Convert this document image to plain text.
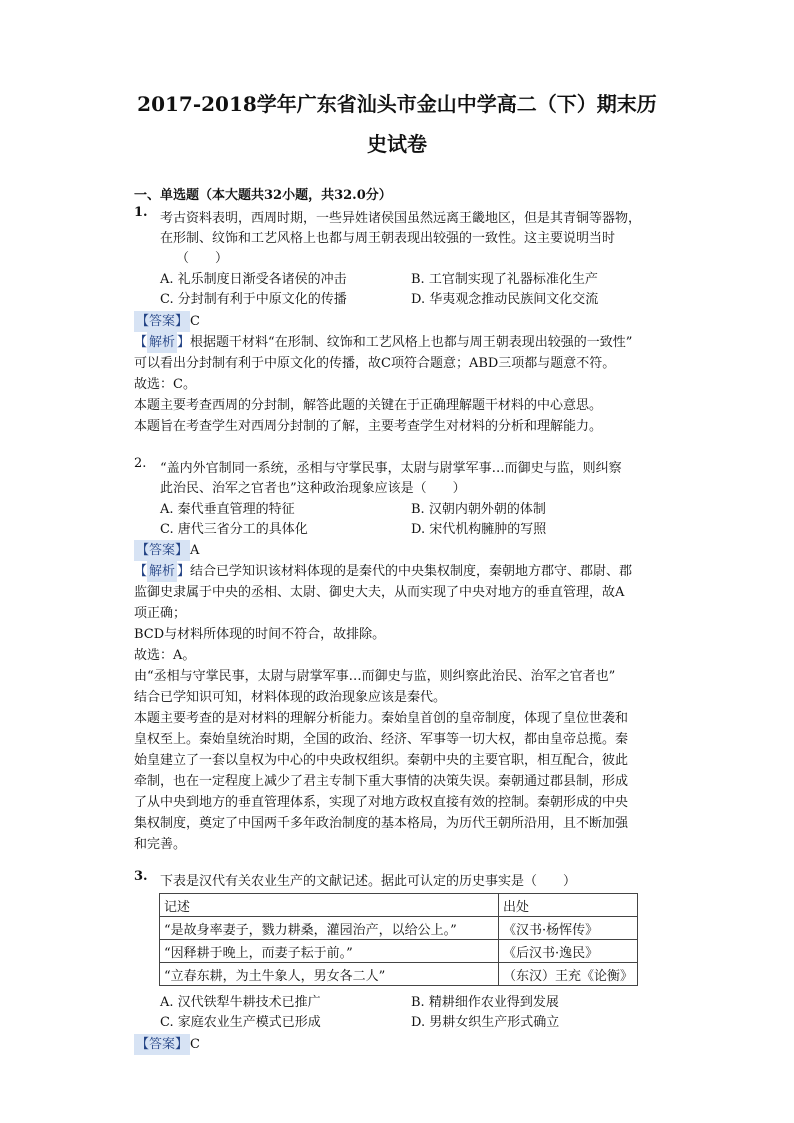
2017-2018学年广东省汕头市金山中学高二（下）期末历
史试卷
一、单选题（本大题共32小题，共32.0分）
1. 考古资料表明，西周时期，一些异姓诸侯国虽然远离王畿地区，但是其青铜等器物，
在形制、纹饰和工艺风格上也都与周王朝表现出较强的一致性。这主要说明当时
（　　）
A. 礼乐制度日渐受各诸侯的冲击	B. 工官制实现了礼器标准化生产
C. 分封制有利于中原文化的传播	D. 华夷观念推动民族间文化交流
【答案】 C
【 解析 】根据题干材料“在形制、纹饰和工艺风格上也都与周王朝表现出较强的一致性”
可以看出分封制有利于中原文化的传播，故C项符合题意；ABD三项都与题意不符。
故选：C。
本题主要考查西周的分封制，解答此题的关键在于正确理解题干材料的中心意思。
本题旨在考查学生对西周分封制的了解，主要考查学生对材料的分析和理解能力。
2. “盖内外官制同一系统，丞相与守掌民事，太尉与尉掌军事…而御史与监，则纠察
此治民、治军之官者也”这种政治现象应该是（　　）
A. 秦代垂直管理的特征	B. 汉朝内朝外朝的体制
C. 唐代三省分工的具体化	D. 宋代机构臃肿的写照
【答案】 A
【 解析 】结合已学知识该材料体现的是秦代的中央集权制度，秦朝地方郡守、郡尉、郡
监御史隶属于中央的丞相、太尉、御史大夫，从而实现了中央对地方的垂直管理，故A
项正确；
BCD与材料所体现的时间不符合，故排除。
故选：A。
由“丞相与守掌民事，太尉与尉掌军事…而御史与监，则纠察此治民、治军之官者也”
结合已学知识可知，材料体现的政治现象应该是秦代。
本题主要考查的是对材料的理解分析能力。秦始皇首创的皇帝制度，体现了皇位世袭和
皇权至上。秦始皇统治时期，全国的政治、经济、军事等一切大权，都由皇帝总揽。秦
始皇建立了一套以皇权为中心的中央政权组织。秦朝中央的主要官职，相互配合，彼此
牵制，也在一定程度上减少了君主专制下重大事情的决策失误。秦朝通过郡县制，形成
了从中央到地方的垂直管理体系，实现了对地方政权直接有效的控制。秦朝形成的中央
集权制度，奠定了中国两千多年政治制度的基本格局，为历代王朝所沿用，且不断加强
和完善。
3. 下表是汉代有关农业生产的文献记述。据此可认定的历史事实是（　　）
记述	出处
“是故身率妻子，戮力耕桑，灌园治产，以给公上。”	《汉书·杨恽传》
“因释耕于晚上，而妻子耘于前。”	《后汉书·逸民》
“立春东耕，为土牛象人，男女各二人”	（东汉）王充《论衡》
A. 汉代铁犁牛耕技术已推广	B. 精耕细作农业得到发展
C. 家庭农业生产模式已形成	D. 男耕女织生产形式确立
【答案】 C
